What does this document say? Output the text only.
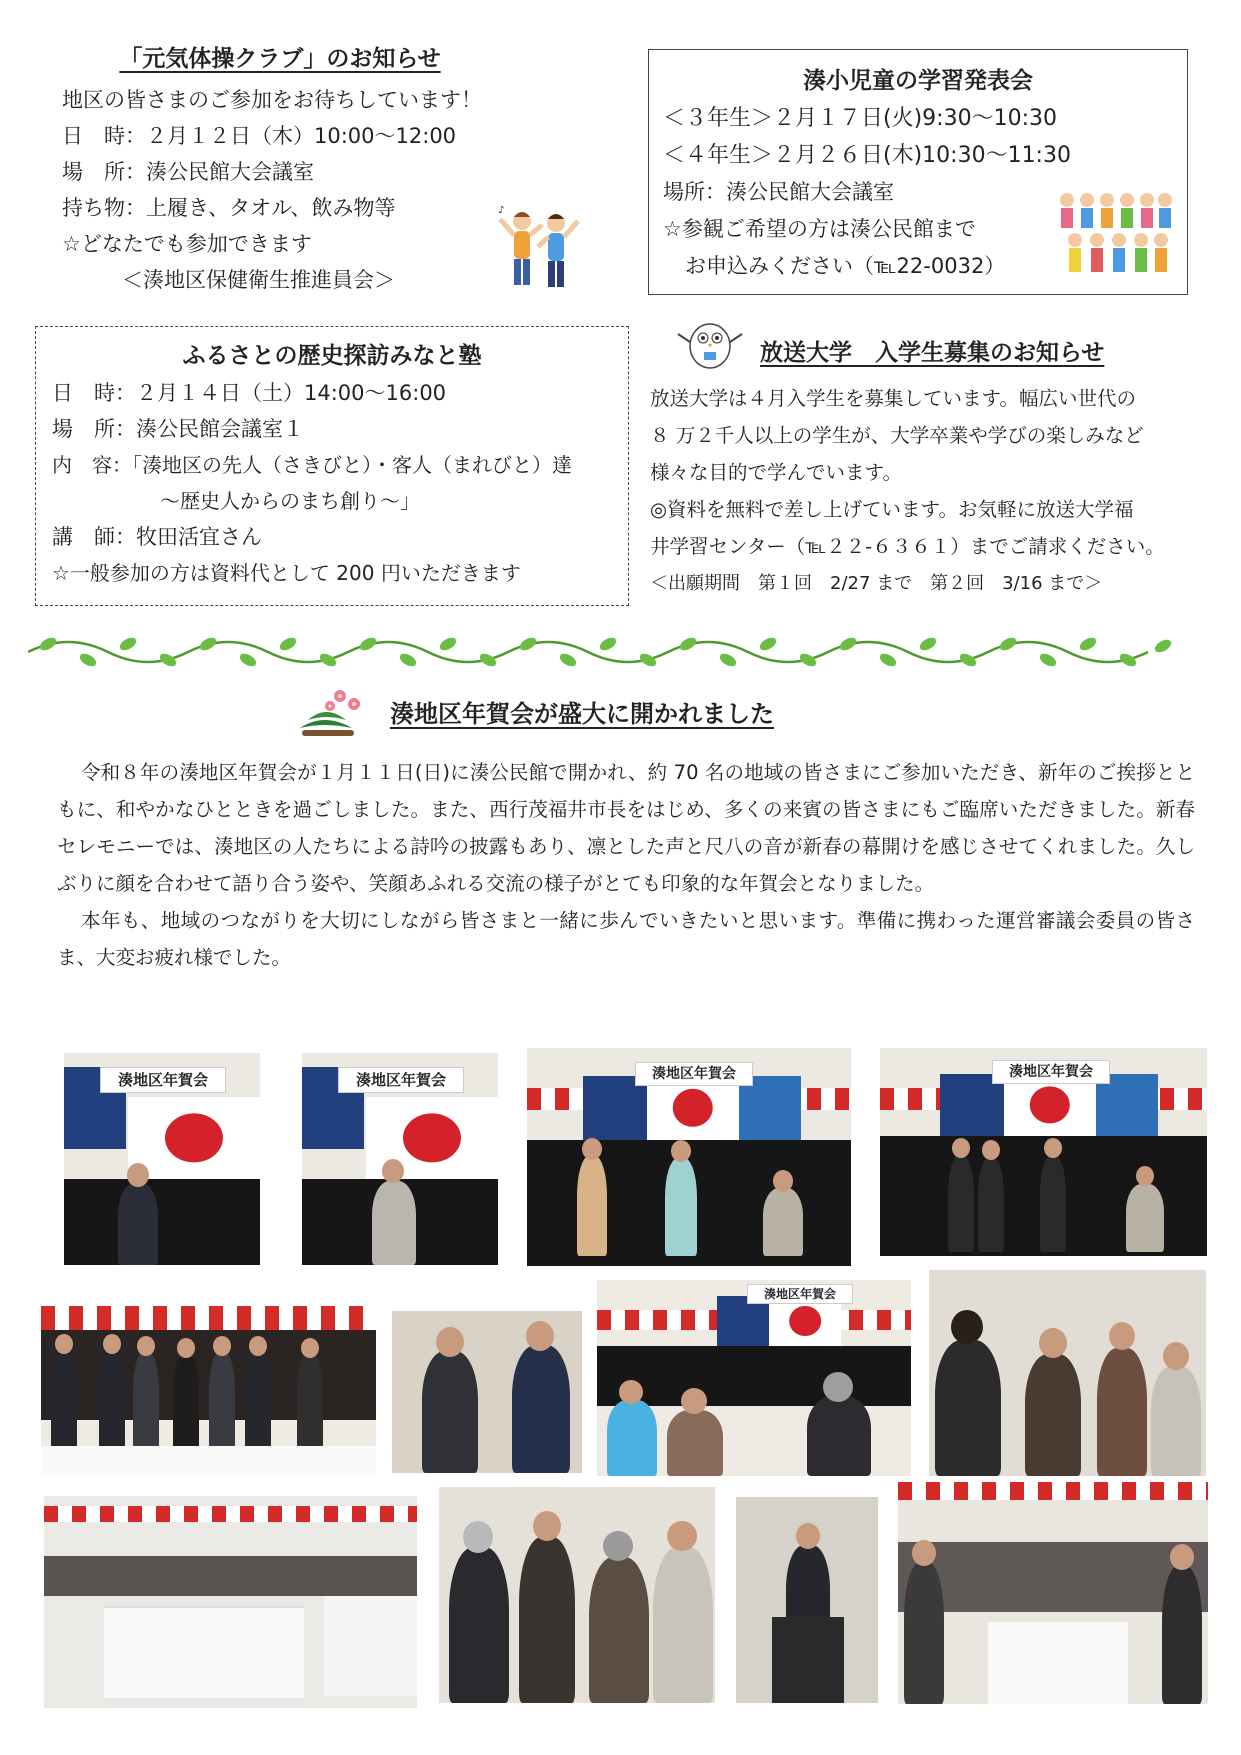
「元気体操クラブ」のお知らせ
地区の皆さまのご参加をお待ちしています！
日　時：２月１２日（木）10:00～12:00
場　所：湊公民館大会議室
持ち物：上履き、タオル、飲み物等
☆どなたでも参加できます
＜湊地区保健衛生推進員会＞
♪
湊小児童の学習発表会
＜３年生＞２月１７日(火)9:30～10:30
＜４年生＞２月２６日(木)10:30～11:30
場所：湊公民館大会議室
☆参観ご希望の方は湊公民館まで
お申込みください（℡22-0032）
ふるさとの歴史探訪みなと塾
日　時：２月１４日（土）14:00～16:00
場　所：湊公民館会議室１
内　容：「湊地区の先人（さきびと）・客人（まれびと）達
～歴史人からのまち創り～」
講　師：牧田活宜さん
☆一般参加の方は資料代として 200 円いただきます
放送大学　入学生募集のお知らせ
放送大学は４月入学生を募集しています。幅広い世代の
８ 万２千人以上の学生が、大学卒業や学びの楽しみなど
様々な目的で学んでいます。
◎資料を無料で差し上げています。お気軽に放送大学福
井学習センター（℡２２-６３６１）までご請求ください。
＜出願期間　第１回　2/27 まで　第２回　3/16 まで＞
湊地区年賀会が盛大に開かれました
令和８年の湊地区年賀会が１月１１日(日)に湊公民館で開かれ、約 70 名の地域の皆さまにご参加いただき、新年のご挨拶とともに、和やかなひとときを過ごしました。また、西行茂福井市長をはじめ、多くの来賓の皆さまにもご臨席いただきました。新春セレモニーでは、湊地区の人たちによる詩吟の披露もあり、凛とした声と尺八の音が新春の幕開けを感じさせてくれました。久しぶりに顔を合わせて語り合う姿や、笑顔あふれる交流の様子がとても印象的な年賀会となりました。
本年も、地域のつながりを大切にしながら皆さまと一緒に歩んでいきたいと思います。準備に携わった運営審議会委員の皆さま、大変お疲れ様でした。
湊地区年賀会	湊地区年賀会	湊地区年賀会	湊地区年賀会
湊地区年賀会
